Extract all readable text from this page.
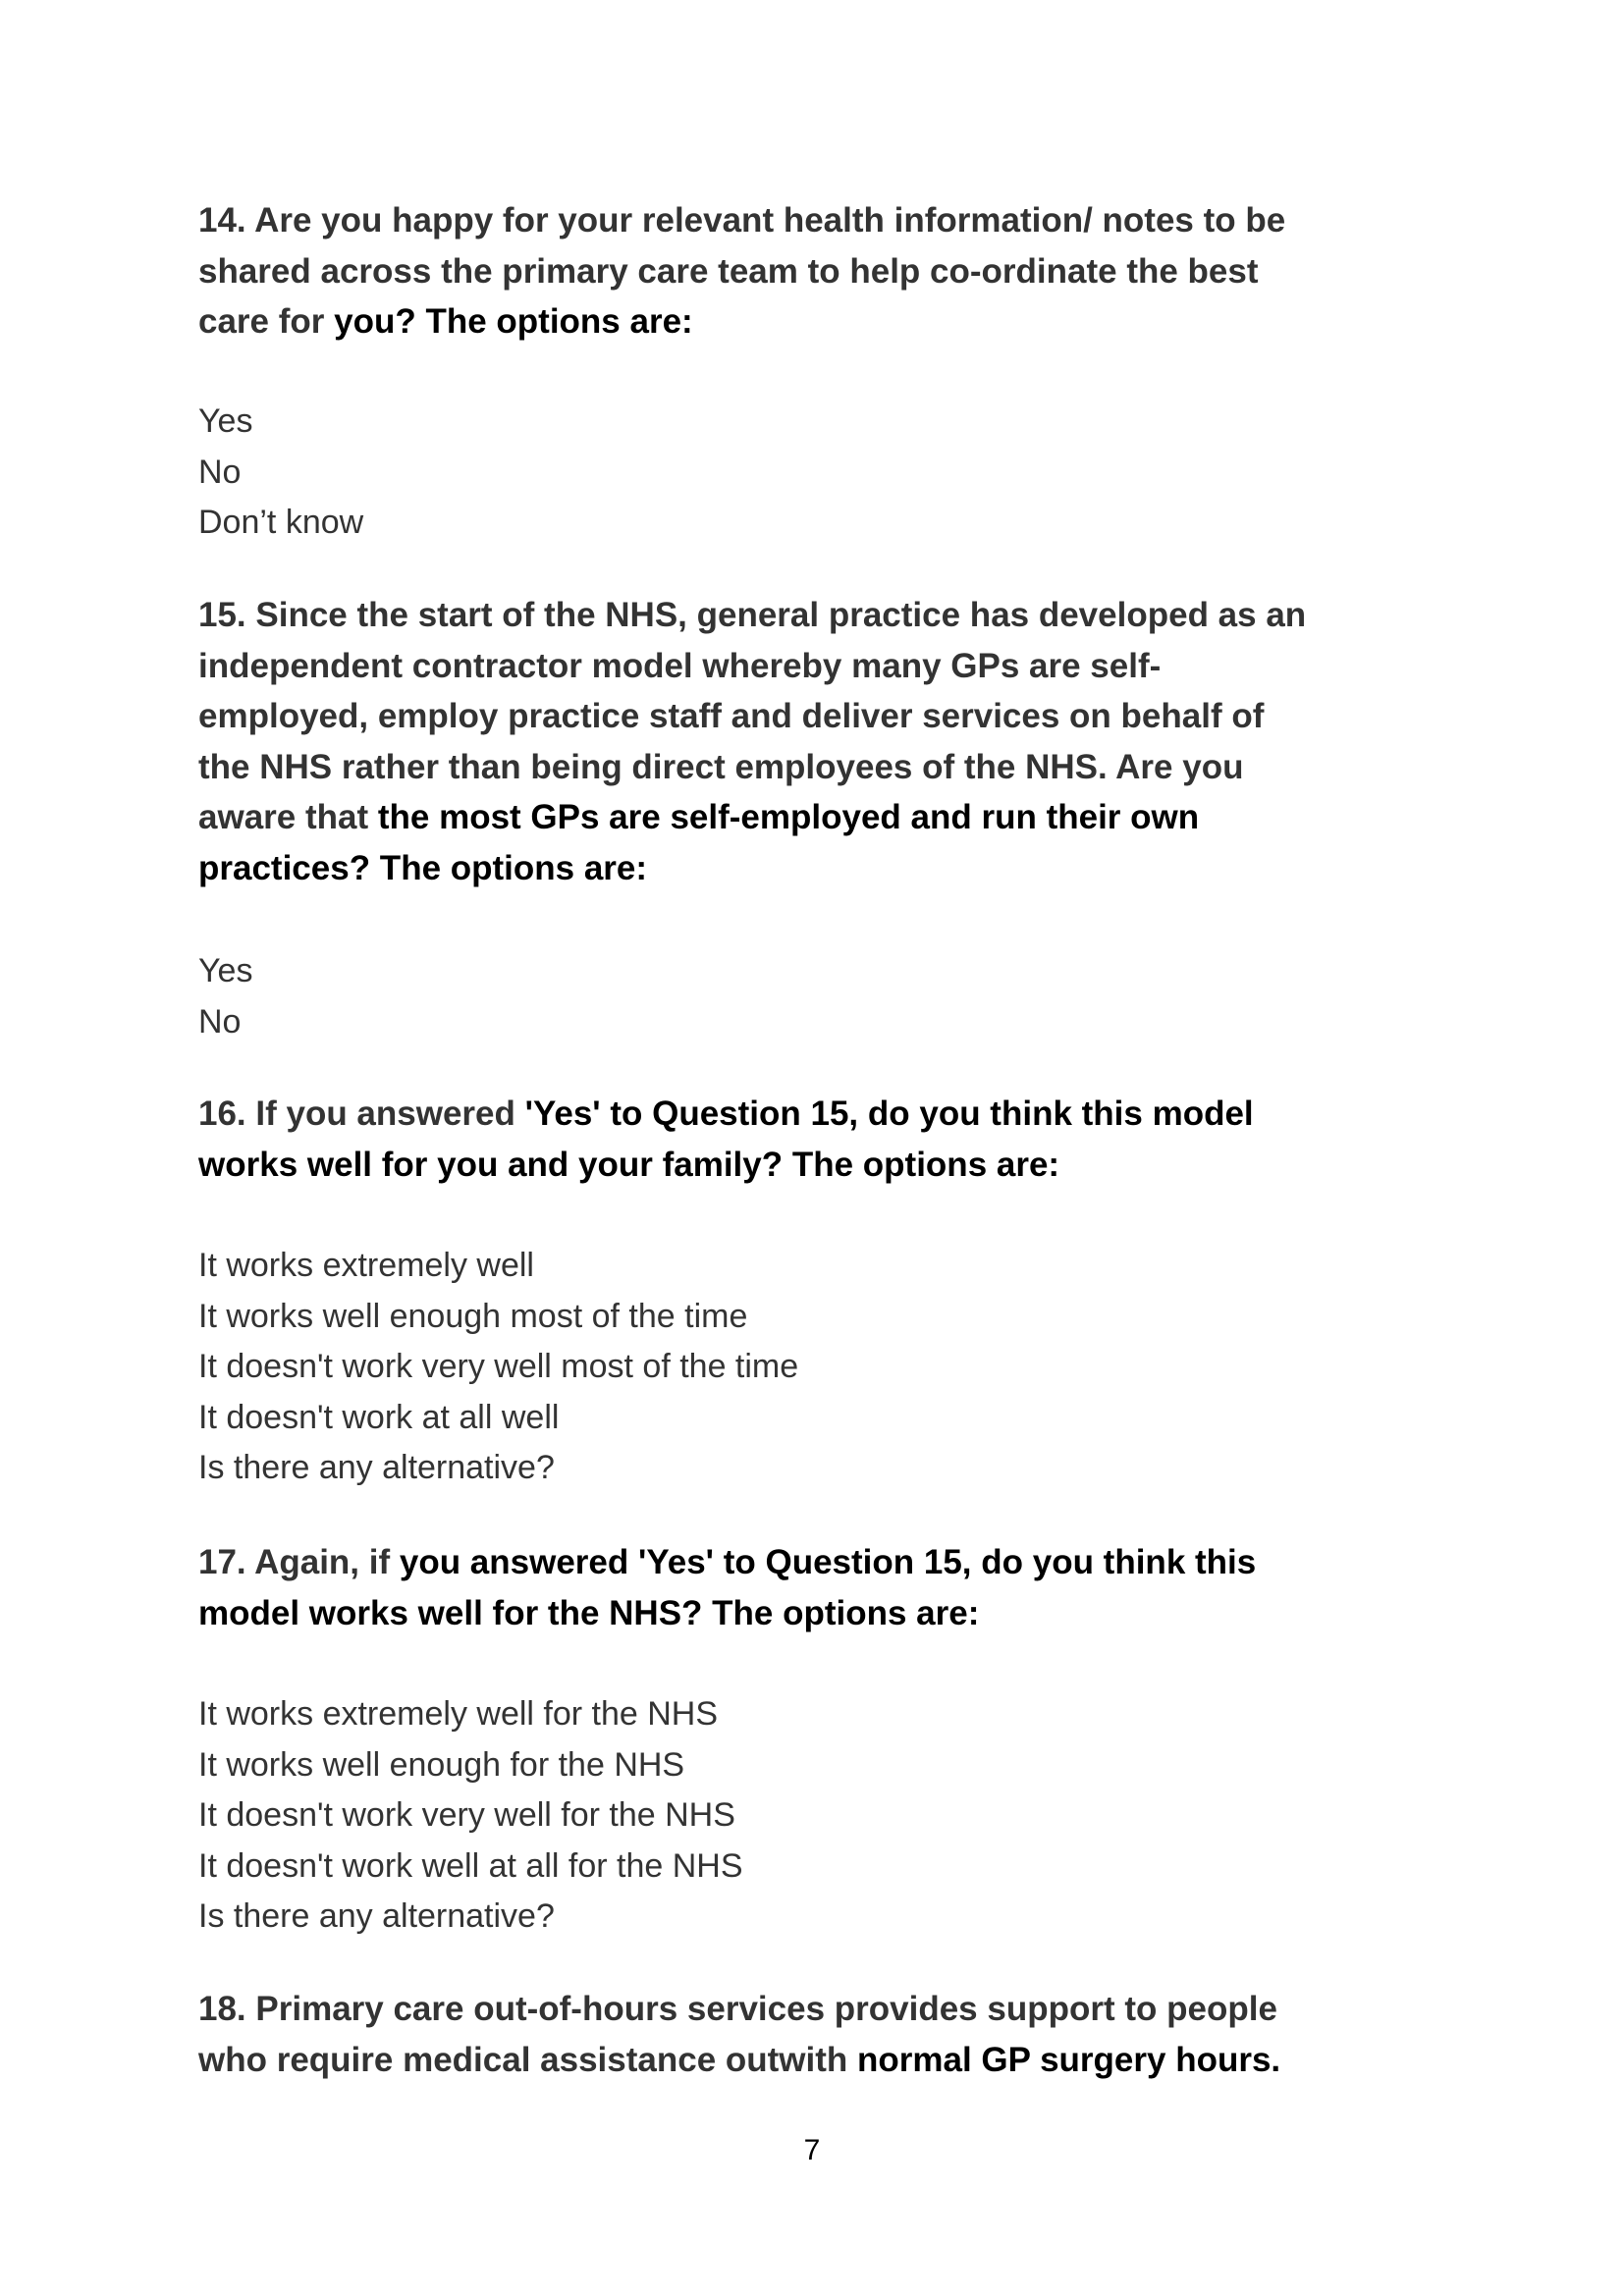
14. Are you happy for your relevant health information/ notes to be
shared across the primary care team to help co-ordinate the best
care for you? The options are:

Yes
No
Don’t know

15. Since the start of the NHS, general practice has developed as an
independent contractor model whereby many GPs are self-
employed, employ practice staff and deliver services on behalf of
the NHS rather than being direct employees of the NHS. Are you
aware that the most GPs are self-employed and run their own
practices? The options are:

Yes
No

16. If you answered 'Yes' to Question 15, do you think this model
works well for you and your family? The options are:

It works extremely well
It works well enough most of the time
It doesn't work very well most of the time
It doesn't work at all well
Is there any alternative?

17. Again, if you answered 'Yes' to Question 15, do you think this
model works well for the NHS? The options are:

It works extremely well for the NHS
It works well enough for the NHS
It doesn't work very well for the NHS
It doesn't work well at all for the NHS
Is there any alternative?

18. Primary care out-of-hours services provides support to people
who require medical assistance outwith normal GP surgery hours.

7
